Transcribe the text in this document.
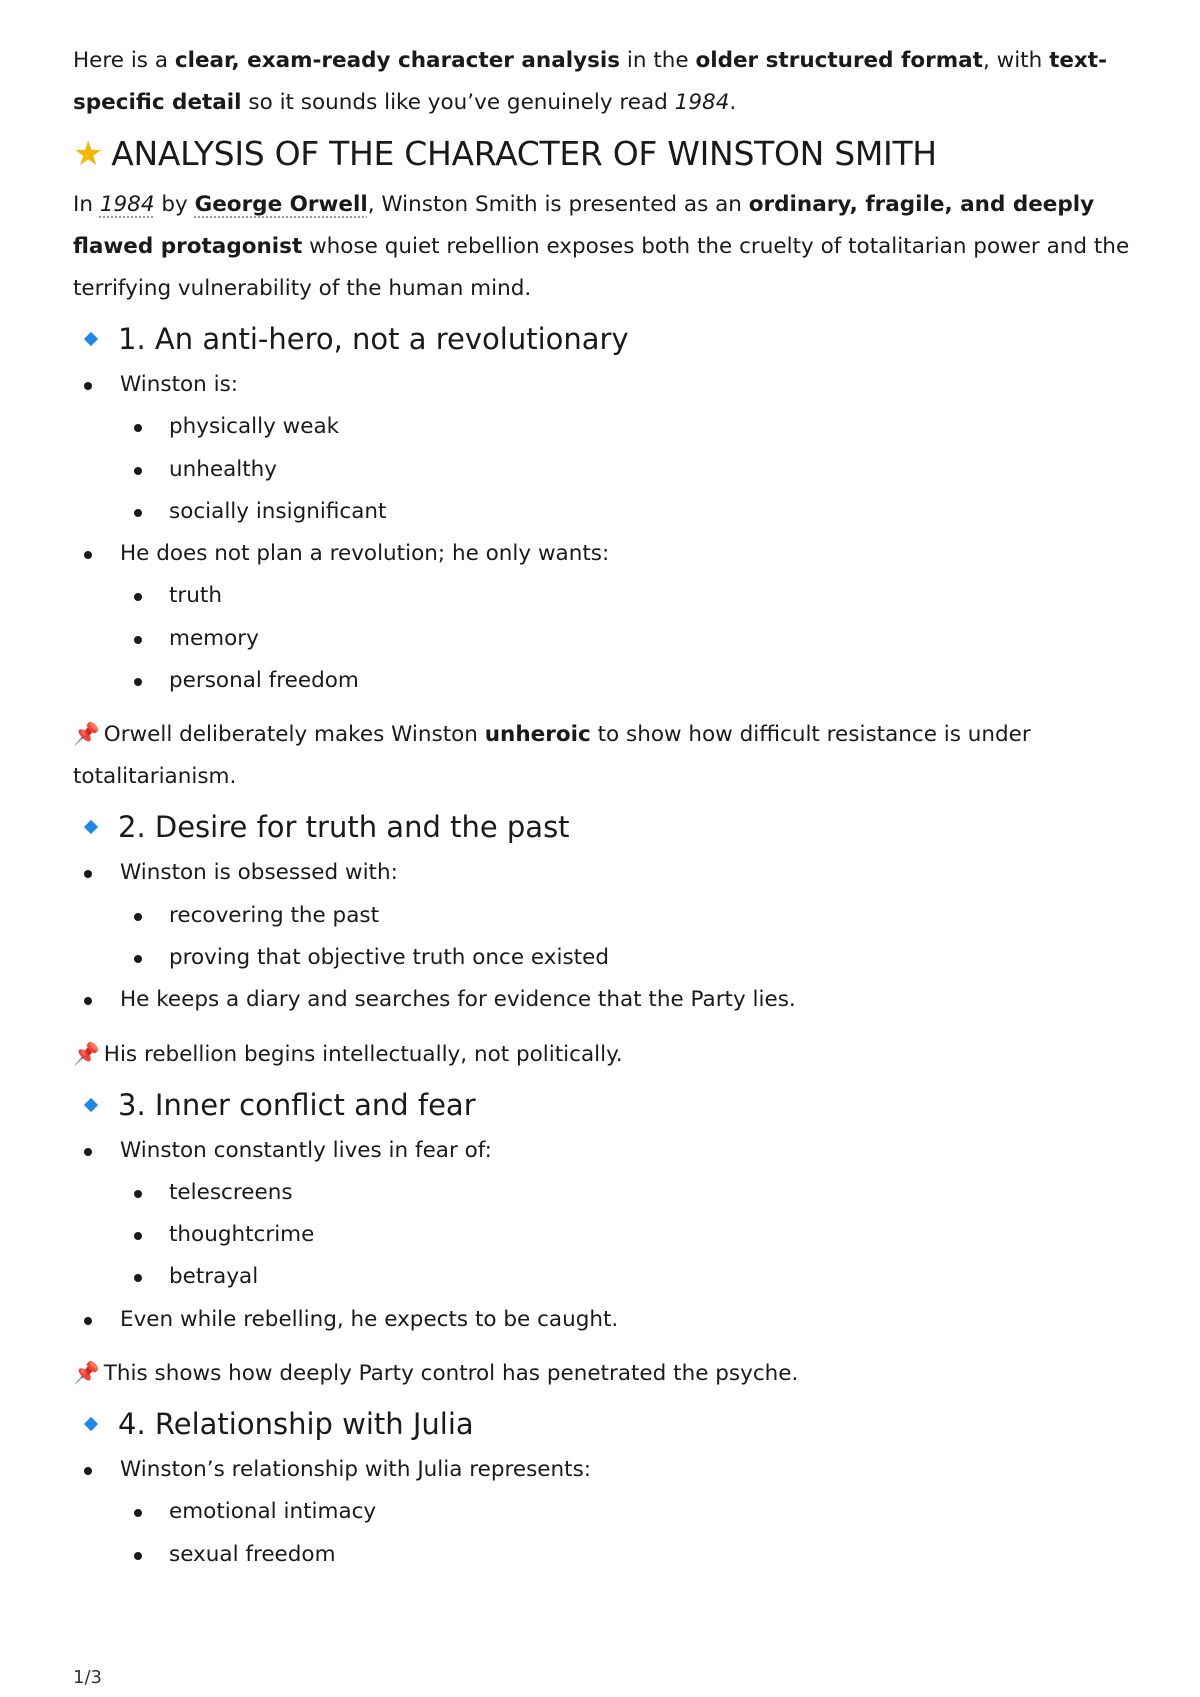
Here is a clear, exam-ready character analysis in the older structured format, with text-specific detail so it sounds like you’ve genuinely read 1984.

★ ANALYSIS OF THE CHARACTER OF WINSTON SMITH

In 1984 by George Orwell, Winston Smith is presented as an ordinary, fragile, and deeply flawed protagonist whose quiet rebellion exposes both the cruelty of totalitarian power and the terrifying vulnerability of the human mind.

1. An anti-hero, not a revolutionary
Winston is:
physically weak
unhealthy
socially insignificant
He does not plan a revolution; he only wants:
truth
memory
personal freedom

📌 Orwell deliberately makes Winston unheroic to show how difficult resistance is under totalitarianism.

2. Desire for truth and the past
Winston is obsessed with:
recovering the past
proving that objective truth once existed
He keeps a diary and searches for evidence that the Party lies.

📌 His rebellion begins intellectually, not politically.

3. Inner conflict and fear
Winston constantly lives in fear of:
telescreens
thoughtcrime
betrayal
Even while rebelling, he expects to be caught.

📌 This shows how deeply Party control has penetrated the psyche.

4. Relationship with Julia
Winston’s relationship with Julia represents:
emotional intimacy
sexual freedom
1/3
